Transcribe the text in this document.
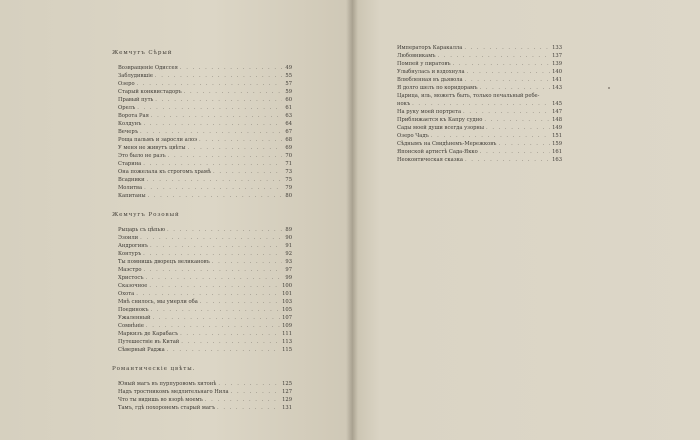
Жемчугъ Сѣрый
Возвращеніе Одиссея . . .	49
Заблудившіе . . .	55
Озеро . . .	57
Старый конквистадоръ . . .	59
Правый путь . . .	60
Орелъ . . .	61
Ворота Рая . . .	63
Колдунъ . . .	64
Вечеръ . . .	67
Роща пальмъ и заросли алоэ . . .	68
У меня не живутъ цвѣты . . .	69
Это было не разъ . . .	70
Старина . . .	71
Она пожелала къ строгомъ храмѣ . . .	73
Всадники . . .	75
Молитва . . .	79
Капитаны . . .	80
Жемчугъ Розовый
Рыцарь съ цѣпью . . .	89
Эзоили . . .	90
Андрогинъ . . .	91
Контуръ . . .	92
Ты помнишь дворецъ великановъ . . .	93
Маэстро . . .	97
Христосъ . . .	99
Сказочное . . .	100
Охота . . .	101
Мнѣ снилось, мы умерли оба . . .	103
Поединокъ . . .	105
Ужаленный . . .	107
Сомнѣніе . . .	109
Маркизъ де Карабасъ . . .	111
Путешествіе въ Китай . . .	113
Сѣверный Раджа . . .	115
Романтическіе цвѣты.
Юный магъ въ пурпуровомъ хитонѣ . . .	125
Надъ тростникомъ медлительнаго Нила . . .	127
Что ты видишь во взорѣ моемъ . . .	129
Тамъ, гдѣ похоронемъ старый магъ . . .	131
Императоръ Каракалла . . .	133
Любовникамъ . . .	137
Помпей у пиратовъ . . .	139
Улыбнулась и вздохнула . . .	140
Влюбленная въ дьявола . . .	141
Я долго шелъ по коридорамъ . . .	143
Царица, иль, можетъ быть, только печальный ребе-
нокъ . . .	145
На руку моей портрета . . .	147
Приближается къ Капру судно . . .	148
Сады моей души всегда узорны . . .	149
Озеро Чадъ . . .	151
Сѣднымъ на Свидѣнемъ-Мережковъ . . .	159
Японской артистѣ Сада-Якко . . .	161
Неоконтическая сказка . . .	163
